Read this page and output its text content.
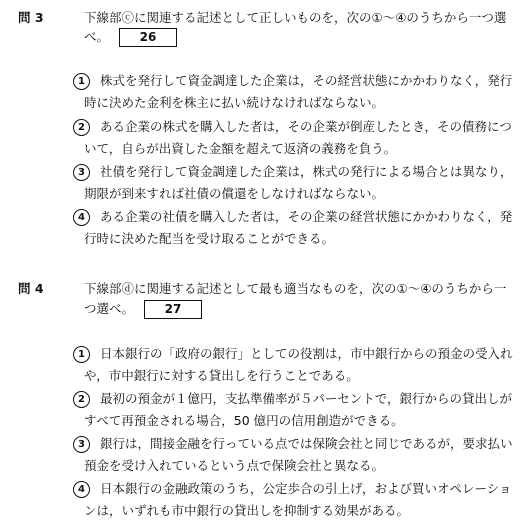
問 3	下線部ⓒに関連する記述として正しいものを，次の①～④のうちから一つ選
べ。	26
1	株式を発行して資金調達した企業は，その経営状態にかかわりなく，発行
時に決めた金利を株主に払い続けなければならない。
2	ある企業の株式を購入した者は，その企業が倒産したとき，その債務につ
いて，自らが出資した金額を超えて返済の義務を負う。
3	社債を発行して資金調達した企業は，株式の発行による場合とは異なり，
期限が到来すれば社債の償還をしなければならない。
4	ある企業の社債を購入した者は，その企業の経営状態にかかわりなく，発
行時に決めた配当を受け取ることができる。
問 4	下線部ⓓに関連する記述として最も適当なものを，次の①～④のうちから一
つ選べ。	27
1	日本銀行の「政府の銀行」としての役割は，市中銀行からの預金の受入れ
や，市中銀行に対する貸出しを行うことである。
2	最初の預金が１億円，支払準備率が５パーセントで，銀行からの貸出しが
すべて再預金される場合，50 億円の信用創造ができる。
3	銀行は，間接金融を行っている点では保険会社と同じであるが，要求払い
預金を受け入れているという点で保険会社と異なる。
4	日本銀行の金融政策のうち，公定歩合の引上げ，および買いオペレーショ
ンは，いずれも市中銀行の貸出しを抑制する効果がある。
